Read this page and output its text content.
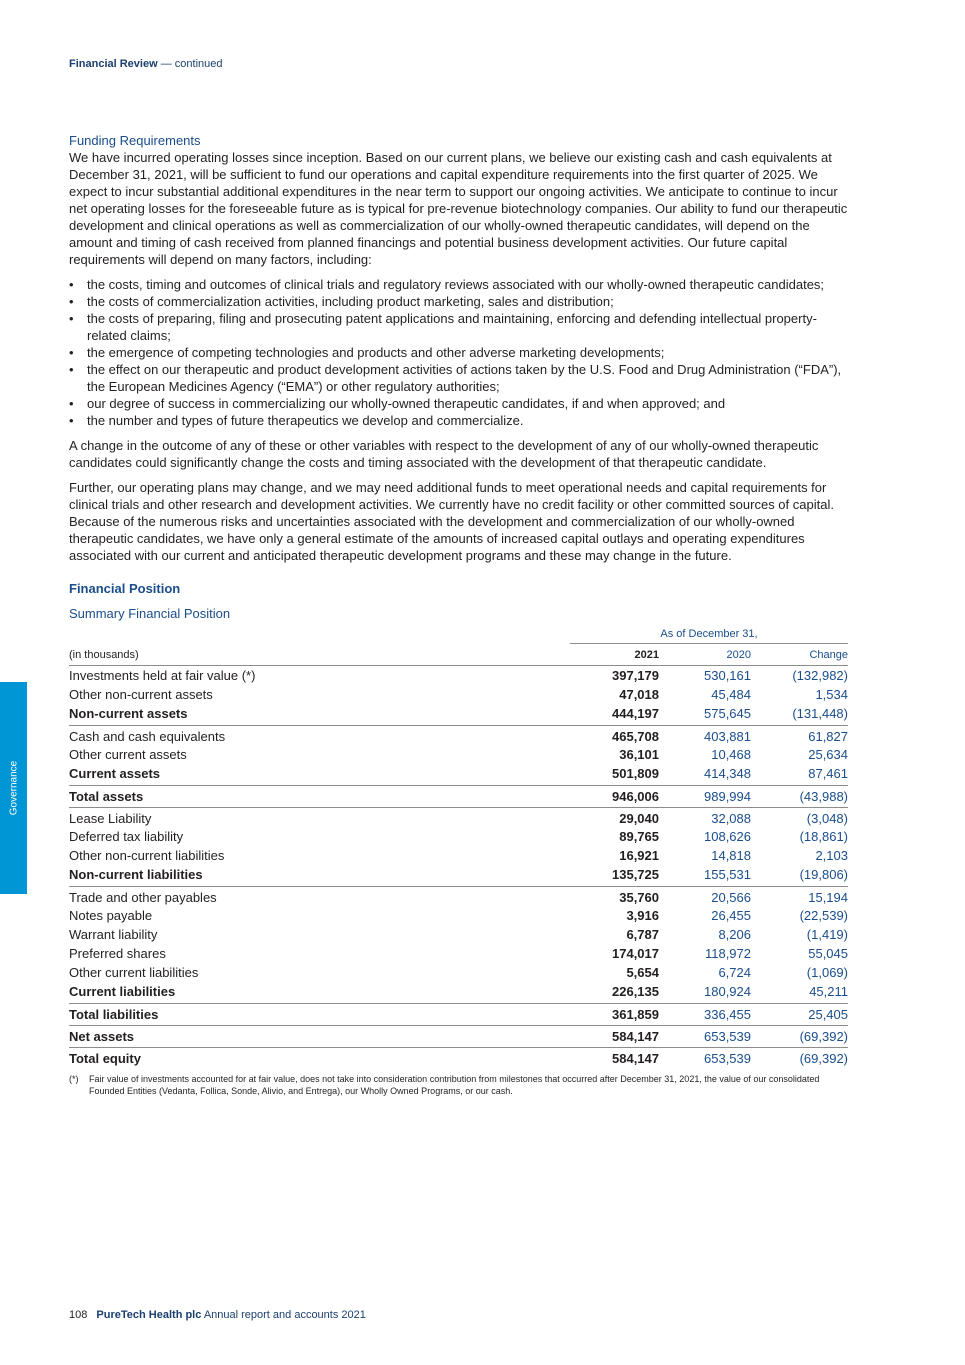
Financial Review — continued
Funding Requirements

We have incurred operating losses since inception. Based on our current plans, we believe our existing cash and cash equivalents at December 31, 2021, will be sufficient to fund our operations and capital expenditure requirements into the first quarter of 2025. We expect to incur substantial additional expenditures in the near term to support our ongoing activities. We anticipate to continue to incur net operating losses for the foreseeable future as is typical for pre-revenue biotechnology companies. Our ability to fund our therapeutic development and clinical operations as well as commercialization of our wholly-owned therapeutic candidates, will depend on the amount and timing of cash received from planned financings and potential business development activities. Our future capital requirements will depend on many factors, including:

• the costs, timing and outcomes of clinical trials and regulatory reviews associated with our wholly-owned therapeutic candidates;
• the costs of commercialization activities, including product marketing, sales and distribution;
• the costs of preparing, filing and prosecuting patent applications and maintaining, enforcing and defending intellectual property-related claims;
• the emergence of competing technologies and products and other adverse marketing developments;
• the effect on our therapeutic and product development activities of actions taken by the U.S. Food and Drug Administration (“FDA”), the European Medicines Agency (“EMA”) or other regulatory authorities;
• our degree of success in commercializing our wholly-owned therapeutic candidates, if and when approved; and
• the number and types of future therapeutics we develop and commercialize.

A change in the outcome of any of these or other variables with respect to the development of any of our wholly-owned therapeutic candidates could significantly change the costs and timing associated with the development of that therapeutic candidate.

Further, our operating plans may change, and we may need additional funds to meet operational needs and capital requirements for clinical trials and other research and development activities. We currently have no credit facility or other committed sources of capital. Because of the numerous risks and uncertainties associated with the development and commercialization of our wholly-owned therapeutic candidates, we have only a general estimate of the amounts of increased capital outlays and operating expenditures associated with our current and anticipated therapeutic development programs and these may change in the future.

Financial Position
Summary Financial Position
As of December 31,
(in thousands)	2021	2020	Change
Investments held at fair value (*)	397,179	530,161	(132,982)
Other non-current assets	47,018	45,484	1,534
Non-current assets	444,197	575,645	(131,448)
Cash and cash equivalents	465,708	403,881	61,827
Other current assets	36,101	10,468	25,634
Current assets	501,809	414,348	87,461
Total assets	946,006	989,994	(43,988)
Lease Liability	29,040	32,088	(3,048)
Deferred tax liability	89,765	108,626	(18,861)
Other non-current liabilities	16,921	14,818	2,103
Non-current liabilities	135,725	155,531	(19,806)
Trade and other payables	35,760	20,566	15,194
Notes payable	3,916	26,455	(22,539)
Warrant liability	6,787	8,206	(1,419)
Preferred shares	174,017	118,972	55,045
Other current liabilities	5,654	6,724	(1,069)
Current liabilities	226,135	180,924	45,211
Total liabilities	361,859	336,455	25,405
Net assets	584,147	653,539	(69,392)
Total equity	584,147	653,539	(69,392)
(*)	Fair value of investments accounted for at fair value, does not take into consideration contribution from milestones that occurred after December 31, 2021, the value of our consolidated Founded Entities (Vedanta, Follica, Sonde, Alivio, and Entrega), our Wholly Owned Programs, or our cash.
Governance
108 PureTech Health plc Annual report and accounts 2021
